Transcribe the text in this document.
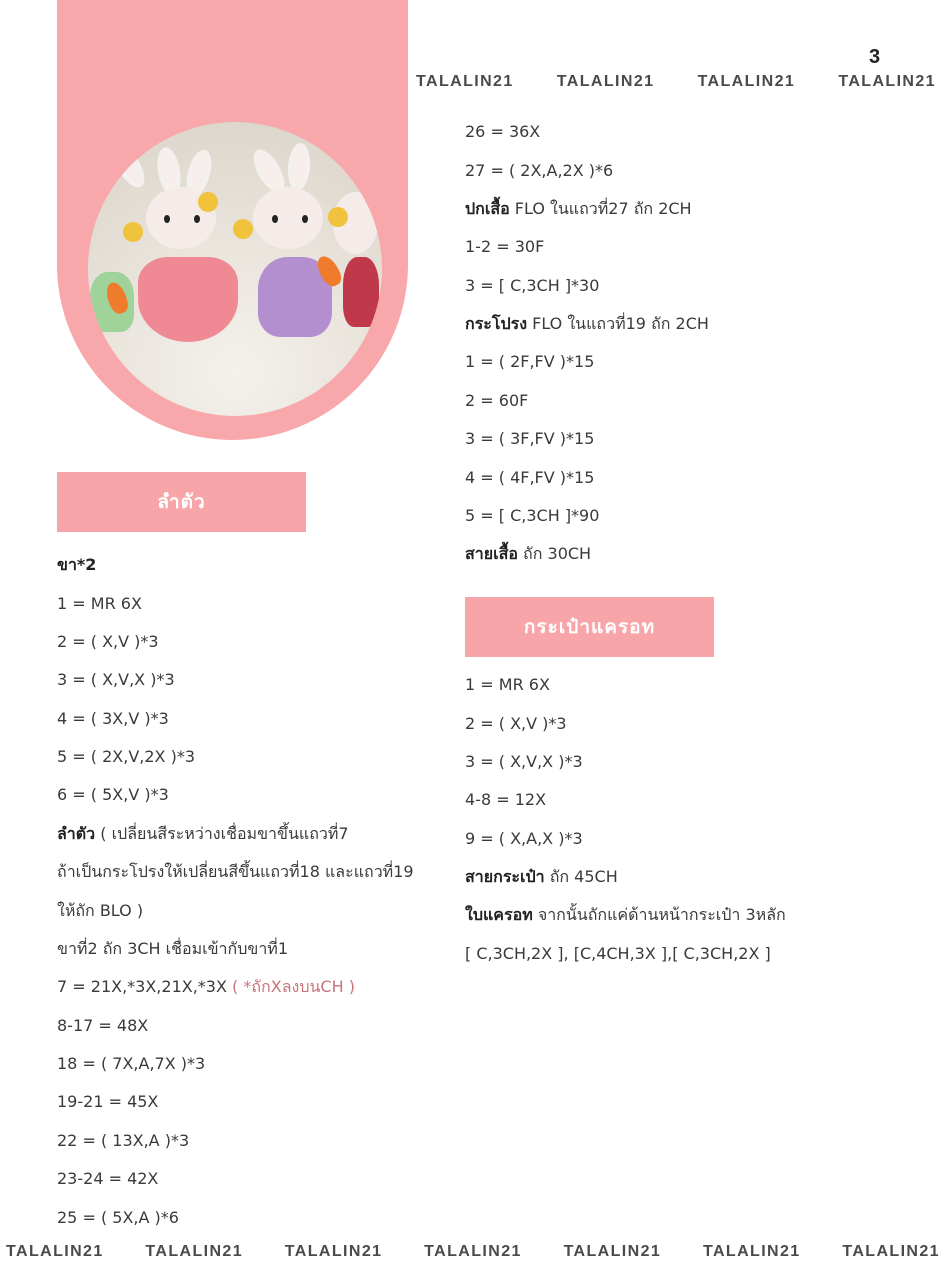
TALALIN21	TALALIN21	TALALIN21	TALALIN21
TALALIN21	TALALIN21	TALALIN21	TALALIN21	TALALIN21	TALALIN21	TALALIN21
3
ลำตัว
กระเป๋าแครอท
ขา*2
1 = MR 6X
2 = ( X,V )*3
3 = ( X,V,X )*3
4 = ( 3X,V )*3
5 = ( 2X,V,2X )*3
6 = ( 5X,V )*3
ลำตัว ( เปลี่ยนสีระหว่างเชื่อมขาขึ้นแถวที่7
ถ้าเป็นกระโปรงให้เปลี่ยนสีขึ้นแถวที่18 และแถวที่19
ให้ถัก BLO )
ขาที่2 ถัก 3CH เชื่อมเข้ากับขาที่1
7 = 21X,*3X,21X,*3X ( *ถักXลงบนCH )
8-17 = 48X
18 = ( 7X,A,7X )*3
19-21 = 45X
22 = ( 13X,A )*3
23-24 = 42X
25 = ( 5X,A )*6
26 = 36X
27 = ( 2X,A,2X )*6
ปกเสื้อ FLO ในแถวที่27 ถัก 2CH
1-2 = 30F
3 = [ C,3CH ]*30
กระโปรง FLO ในแถวที่19 ถัก 2CH
1 = ( 2F,FV )*15
2 = 60F
3 = ( 3F,FV )*15
4 = ( 4F,FV )*15
5 = [ C,3CH ]*90
สายเสื้อ ถัก 30CH
1 = MR 6X
2 = ( X,V )*3
3 = ( X,V,X )*3
4-8 = 12X
9 = ( X,A,X )*3
สายกระเป๋า ถัก 45CH
ใบแครอท จากนั้นถักแค่ด้านหน้ากระเป๋า 3หลัก
[ C,3CH,2X ], [C,4CH,3X ],[ C,3CH,2X ]
